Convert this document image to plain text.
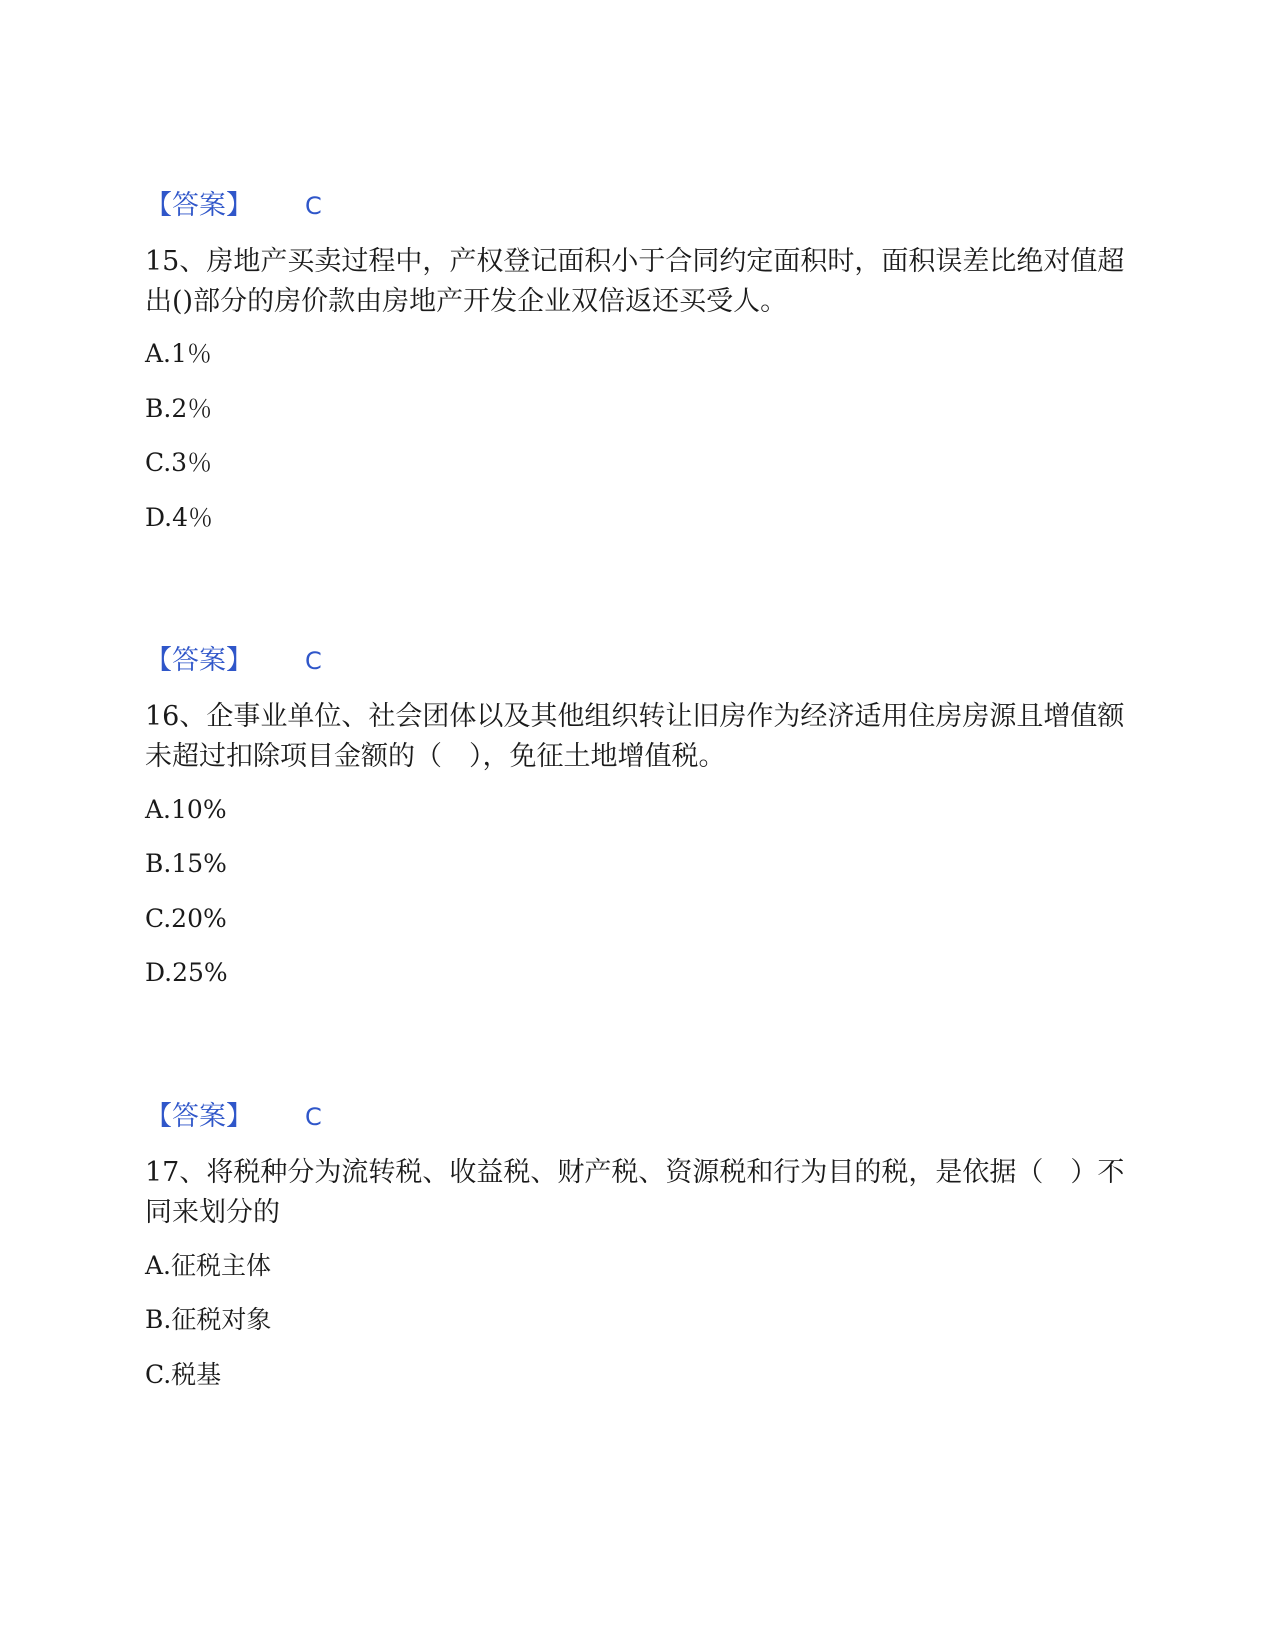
【答案】 C

15、房地产买卖过程中，产权登记面积小于合同约定面积时，面积误差比绝对值超出()部分的房价款由房地产开发企业双倍返还买受人。

A.1％
B.2％
C.3％
D.4％
【答案】 C

16、企事业单位、社会团体以及其他组织转让旧房作为经济适用住房房源且增值额未超过扣除项目金额的（　），免征土地增值税。

A.10%
B.15%
C.20%
D.25%
【答案】 C

17、将税种分为流转税、收益税、财产税、资源税和行为目的税，是依据（　）不同来划分的

A.征税主体
B.征税对象
C.税基
